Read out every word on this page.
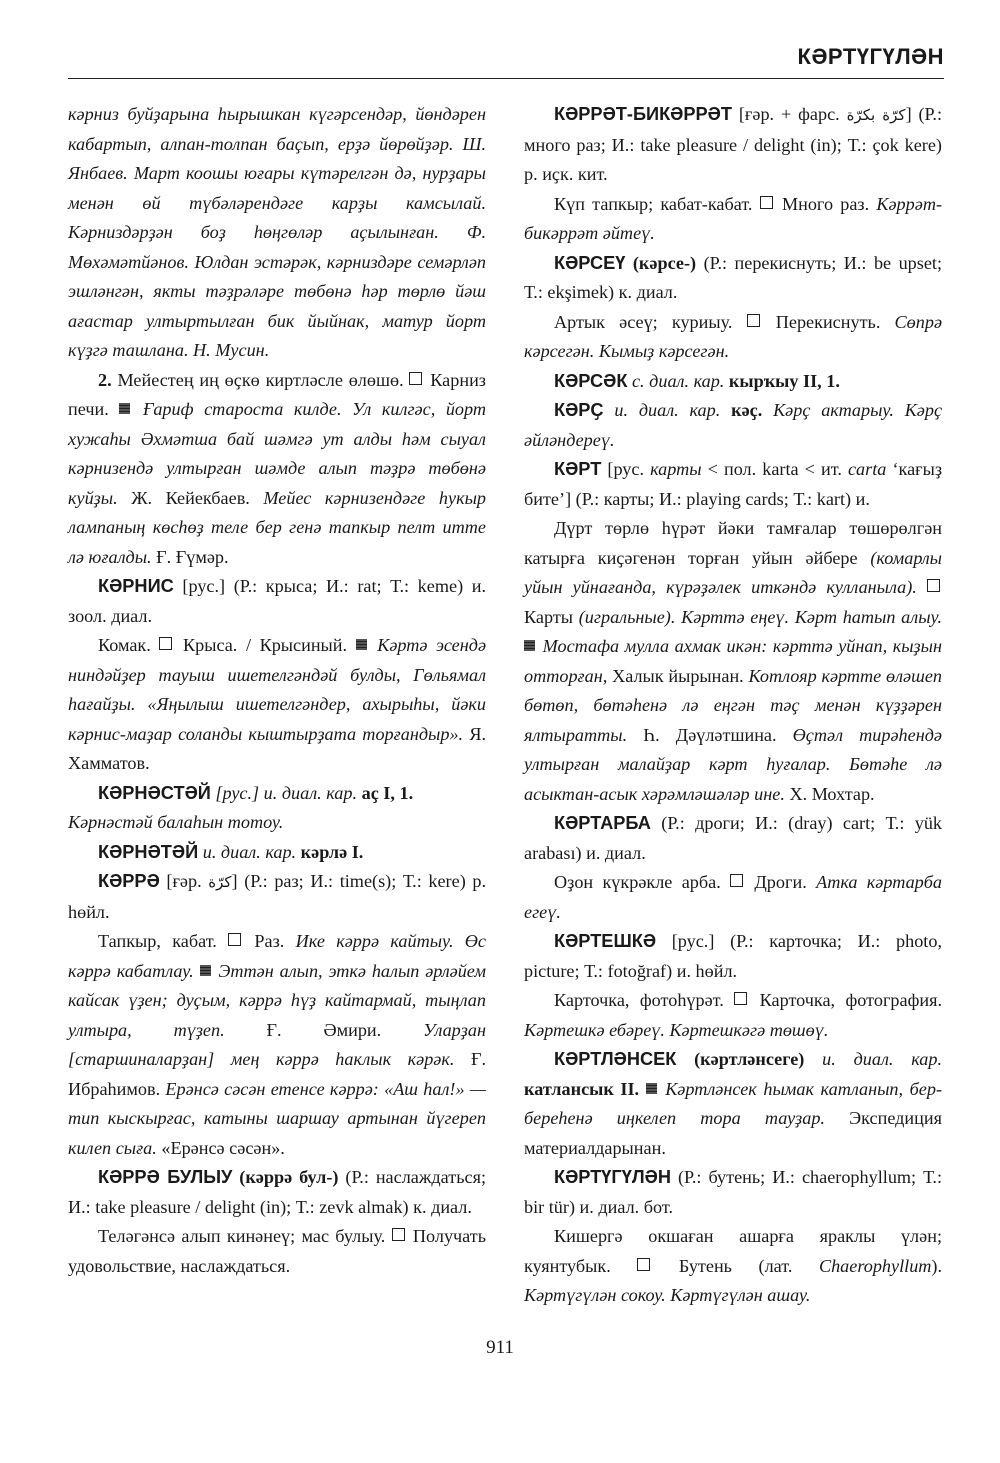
КӘРТҮГҮЛӘН

кәрниз буйҙарына һырышкан күгәрсендәр, йөндәрен кабартып, алпан-толпан баҫып, ерҙә йөрөйҙәр. Ш. Янбаев. Март коошы юғары күтәрелгән дә, нурҙары менән өй түбәләрендәге карҙы камсылай. Кәрниздәрҙән боҙ һөңгөләр аҫылынған. Ф. Мөхәмәтйәнов. Юлдан эстәрәк, кәрниздәре семәрләп эшләнгән, якты тәҙрәләре төбөнә һәр төрлө йәш ағастар ултыртылған бик йыйнак, матур йорт күҙгә ташлана. Н. Мусин.

2. Мейестең иң өҫкө киртләсле өлөшө. Карниз печи. Ғариф староста килде. Ул килгәс, йорт хужаһы Әхмәтша бай шәмгә ут алды һәм сыуал кәрнизендә ултырған шәмде алып тәҙрә төбөнә куйҙы. Ж. Кейекбаев. Мейес кәрнизендәге һукыр лампаның көсһөҙ теле бер генә тапкыр пелт итте лә юғалды. Ғ. Ғүмәр.

КӘРНИС [рус.] (Р.: крыса; И.: rat; Т.: keme) и. зоол. диал.

Комак. Крыса. / Крысиный. Кәртә эсендә ниндәйҙер тауыш ишетелгәндәй булды, Гөльямал һағайҙы. «Яңылыш ишетелгәндер, ахырыһы, йәки кәрнис-маҙар соланды кыштырҙата торғандыр». Я. Хамматов.

КӘРНӘСТӘЙ [рус.] и. диал. кар. аҫ I, 1.
Кәрнәстәй балаһын тотоу.

КӘРНӘТӘЙ и. диал. кар. кәрлә I.

КӘРРӘ [ғәр. كرّة] (Р.: раз; И.: time(s); Т.: kere) р. һөйл.

Тапкыр, кабат. Раз. Ике кәррә кайтыу. Өс кәррә кабатлау. Эттән алып, эткә һалып әрләйем кайсак үҙен; дуҫым, кәррә һүҙ кайтармай, тыңлап ултыра, түҙеп. Ғ. Әмири. Уларҙан [старшиналарҙан] мең кәррә һаклык кәрәк. Ғ. Ибраһимов. Ерәнсә сәсән етенсе кәррә: «Аш һал!» — тип кыскырғас, катыны шаршау артынан йүгереп килеп сыға. «Ерәнсә сәсән».

КӘРРӘ БУЛЫУ (кәррә бул-) (Р.: наслаждаться; И.: take pleasure / delight (in); Т.: zevk almak) к. диал.

Теләгәнсә алып кинәнеү; мас булыу. Получать удовольствие, наслаждаться.

КӘРРӘТ-БИКӘРРӘТ [ғәр. + фарс. كرّة بكرّة] (Р.: много раз; И.: take pleasure / delight (in); Т.: çok kere) р. иҫк. кит.

Күп тапкыр; кабат-кабат. Много раз. Кәррәт-бикәррәт әйтеү.

КӘРСЕҮ (кәрсе-) (Р.: перекиснуть; И.: be upset; Т.: ekşimek) к. диал.

Артык әсеү; куриыу. Перекиснуть. Сөпрә кәрсегән. Кымыҙ кәрсегән.

КӘРСӘК с. диал. кар. кырҡыу II, 1.

КӘРҪ и. диал. кар. кәҫ. Кәрҫ актарыу. Кәрҫ әйләндереү.

КӘРТ [рус. карты < пол. karta < ит. carta ‘кағыҙ бите’] (Р.: карты; И.: playing cards; Т.: kart) и.

Дүрт төрлө һүрәт йәки тамғалар төшөрөлгән катырға киҫәгенән торған уйын әйбере (комарлы уйын уйнағанда, күрәҙәлек иткәндә кулланыла).  Карты (игральные). Кәрттә еңеү. Кәрт һатып алыу.  Мостафа мулла ахмак икән: кәрттә уйнап, кыҙын отторған, Халык йырынан. Котлояр кәртте өләшеп бөтөп, бөтәһенә лә еңгән тәҫ менән күҙҙәрен ялтыратты. Һ. Дәүләтшина. Өҫтәл тирәһендә ултырған малайҙар кәрт һуғалар. Бөтәһе лә асыктан-асык хәрәмләшәләр ине. Х. Мохтар.

КӘРТАРБА (Р.: дроги; И.: (dray) cart; Т.: yük arabası) и. диал.

Оҙон күкрәкле арба. Дроги. Атка кәртарба егеү.

КӘРТЕШКӘ [рус.] (Р.: карточка; И.: photo, picture; Т.: fotoğraf) и. һөйл.

Карточка, фотоһүрәт. Карточка, фотография. Кәртешкә ебәреү. Кәртешкәгә төшөү.

КӘРТЛӘНСЕК (кәртләнсеге) и. диал. кар. катлансык II. Кәртләнсек һымак катланып, бер-береһенә иңкелеп тора тауҙар. Экспедиция материалдарынан.

КӘРТҮГҮЛӘН (Р.: бутень; И.: chaerophyllum; Т.: bir tür) и. диал. бот.

Кишергә окшаған ашарға яраклы үлән; куянтубык.	Бутень (лат. Chaerophyllum). Кәртүгүлән сокоу. Кәртүгүлән ашау.

911
